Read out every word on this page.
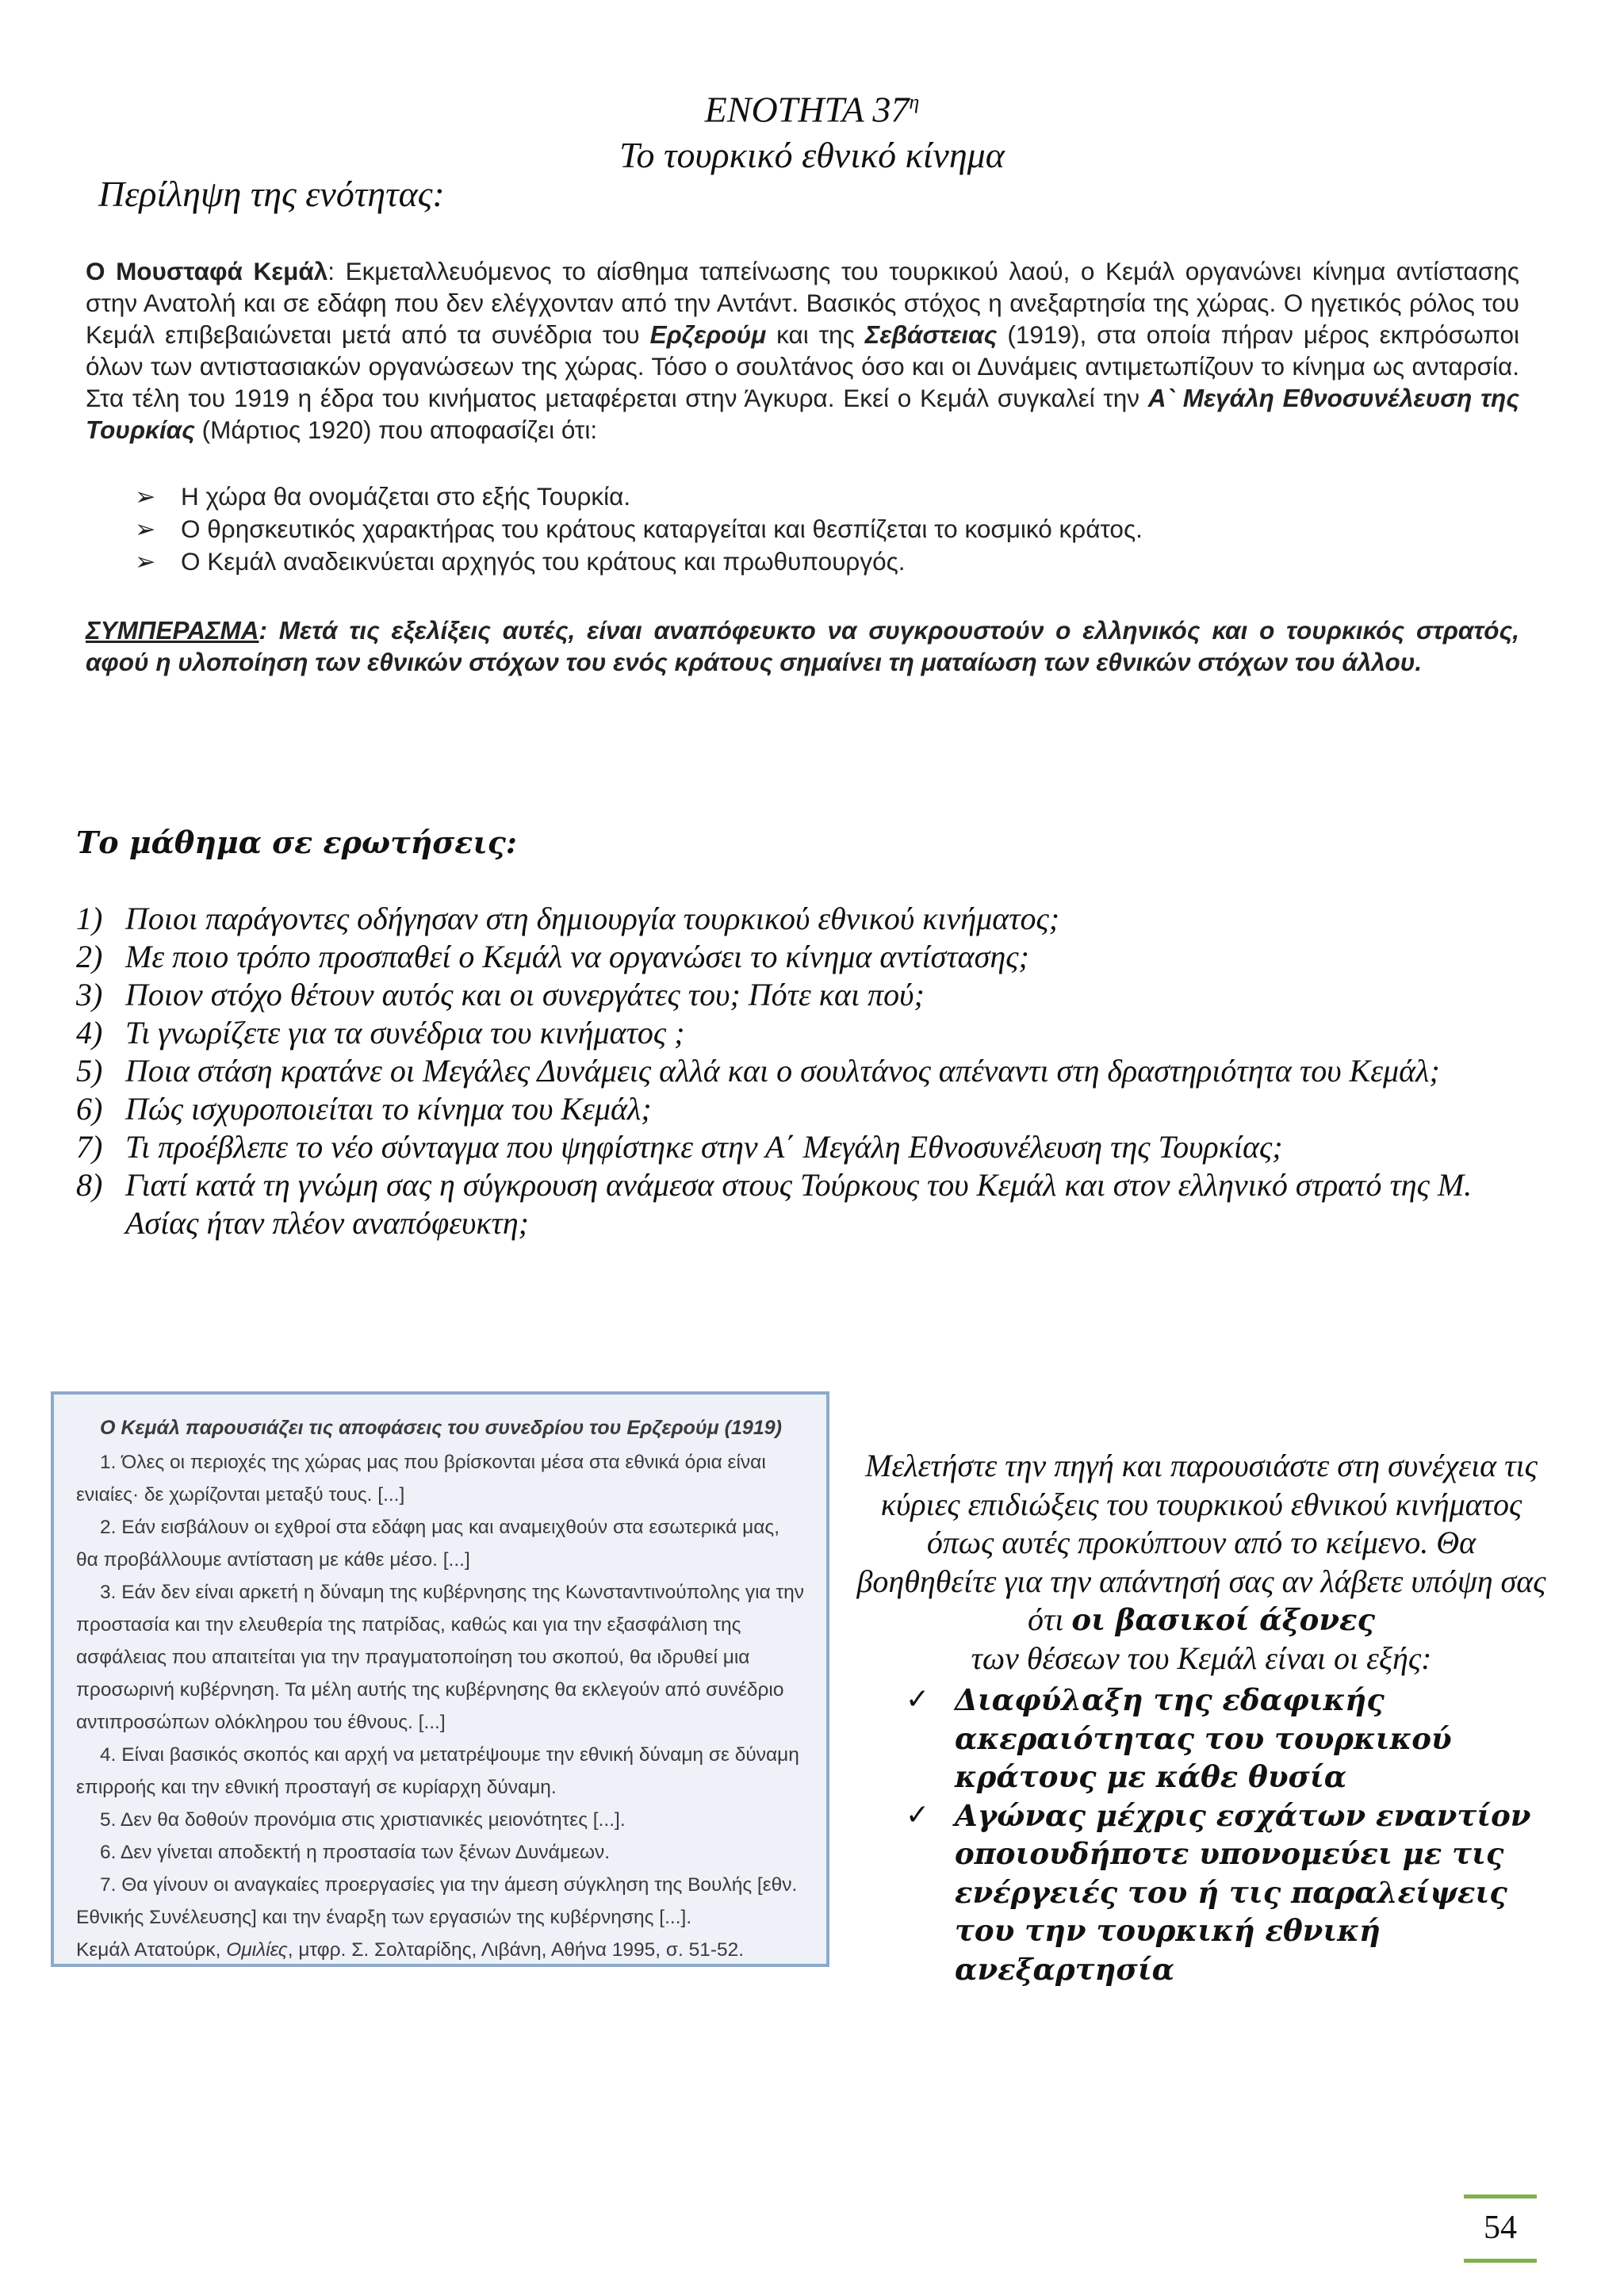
ΕΝΟΤΗΤΑ $37^\eta$
Το τουρκικό εθνικό κίνημα
Περίληψη της ενότητας:

Ο Μουσταφά Κεμάλ: Εκμεταλλευόμενος το αίσθημα ταπείνωσης του τουρκικού λαού, ο Κεμάλ οργανώνει κίνημα αντίστασης στην Ανατολή και σε εδάφη που δεν ελέγχονταν από την Αντάντ. Βασικός στόχος η ανεξαρτησία της χώρας. Ο ηγετικός ρόλος του Κεμάλ επιβεβαιώνεται μετά από τα συνέδρια του Ερζερούμ και της Σεβάστειας (1919), στα οποία πήραν μέρος εκπρόσωποι όλων των αντιστασιακών οργανώσεων της χώρας. Τόσο ο σουλτάνος όσο και οι Δυνάμεις αντιμετωπίζουν το κίνημα ως ανταρσία. Στα τέλη του 1919 η έδρα του κινήματος μεταφέρεται στην Άγκυρα. Εκεί ο Κεμάλ συγκαλεί την Α` Μεγάλη Εθνοσυνέλευση της Τουρκίας (Μάρτιος 1920) που αποφασίζει ότι:

➢ Η χώρα θα ονομάζεται στο εξής Τουρκία.
➢ Ο θρησκευτικός χαρακτήρας του κράτους καταργείται και θεσπίζεται το κοσμικό κράτος.
➢ Ο Κεμάλ αναδεικνύεται αρχηγός του κράτους και πρωθυπουργός.

ΣΥΜΠΕΡΑΣΜΑ: Μετά τις εξελίξεις αυτές, είναι αναπόφευκτο να συγκρουστούν ο ελληνικός και ο τουρκικός στρατός, αφού η υλοποίηση των εθνικών στόχων του ενός κράτους σημαίνει τη ματαίωση των εθνικών στόχων του άλλου.

Το μάθημα σε ερωτήσεις:
1) Ποιοι παράγοντες οδήγησαν στη δημιουργία τουρκικού εθνικού κινήματος;
2) Με ποιο τρόπο προσπαθεί ο Κεμάλ να οργανώσει το κίνημα αντίστασης;
3) Ποιον στόχο θέτουν αυτός και οι συνεργάτες του; Πότε και πού;
4) Τι γνωρίζετε για τα συνέδρια του κινήματος ;
5) Ποια στάση κρατάνε οι Μεγάλες Δυνάμεις αλλά και ο σουλτάνος απέναντι στη δραστηριότητα του Κεμάλ;
6) Πώς ισχυροποιείται το κίνημα του Κεμάλ;
7) Τι προέβλεπε το νέο σύνταγμα που ψηφίστηκε στην Α΄ Μεγάλη Εθνοσυνέλευση της Τουρκίας;
8) Γιατί κατά τη γνώμη σας η σύγκρουση ανάμεσα στους Τούρκους του Κεμάλ και στον ελληνικό στρατό της Μ. Ασίας ήταν πλέον αναπόφευκτη;
Ο Κεμάλ παρουσιάζει τις αποφάσεις του συνεδρίου του Ερζερούμ (1919)

1. Όλες οι περιοχές της χώρας μας που βρίσκονται μέσα στα εθνικά όρια είναι ενιαίες· δε χωρίζονται μεταξύ τους. [...]

2. Εάν εισβάλουν οι εχθροί στα εδάφη μας και αναμειχθούν στα εσωτερικά μας, θα προβάλλουμε αντίσταση με κάθε μέσο. [...]

3. Εάν δεν είναι αρκετή η δύναμη της κυβέρνησης της Κωνσταντινούπολης για την προστασία και την ελευθερία της πατρίδας, καθώς και για την εξασφάλιση της ασφάλειας που απαιτείται για την πραγματοποίηση του σκοπού, θα ιδρυθεί μια προσωρινή κυβέρνηση. Τα μέλη αυτής της κυβέρνησης θα εκλεγούν από συνέδριο αντιπροσώπων ολόκληρου του έθνους. [...]

4. Είναι βασικός σκοπός και αρχή να μετατρέψουμε την εθνική δύναμη σε δύναμη επιρροής και την εθνική προσταγή σε κυρίαρχη δύναμη.

5. Δεν θα δοθούν προνόμια στις χριστιανικές μειονότητες [...].

6. Δεν γίνεται αποδεκτή η προστασία των ξένων Δυνάμεων.

7. Θα γίνουν οι αναγκαίες προεργασίες για την άμεση σύγκληση της Βουλής [εθν. Εθνικής Συνέλευσης] και την έναρξη των εργασιών της κυβέρνησης [...].

Κεμάλ Ατατούρκ, Ομιλίες, μτφρ. Σ. Σολταρίδης, Λιβάνη, Αθήνα 1995, σ. 51-52.

Μελετήστε την πηγή και παρουσιάστε στη συνέχεια τις κύριες επιδιώξεις του τουρκικού εθνικού κινήματος όπως αυτές προκύπτουν από το κείμενο. Θα βοηθηθείτε για την απάντησή σας αν λάβετε υπόψη σας ότι οι βασικοί άξονες

των θέσεων του Κεμάλ είναι οι εξής:

✓ Διαφύλαξη της εδαφικής ακεραιότητας του τουρκικού κράτους με κάθε θυσία
✓ Αγώνας μέχρις εσχάτων εναντίον οποιουδήποτε υπονομεύει με τις ενέργειές του ή τις παραλείψεις του την τουρκική εθνική ανεξαρτησία
54
